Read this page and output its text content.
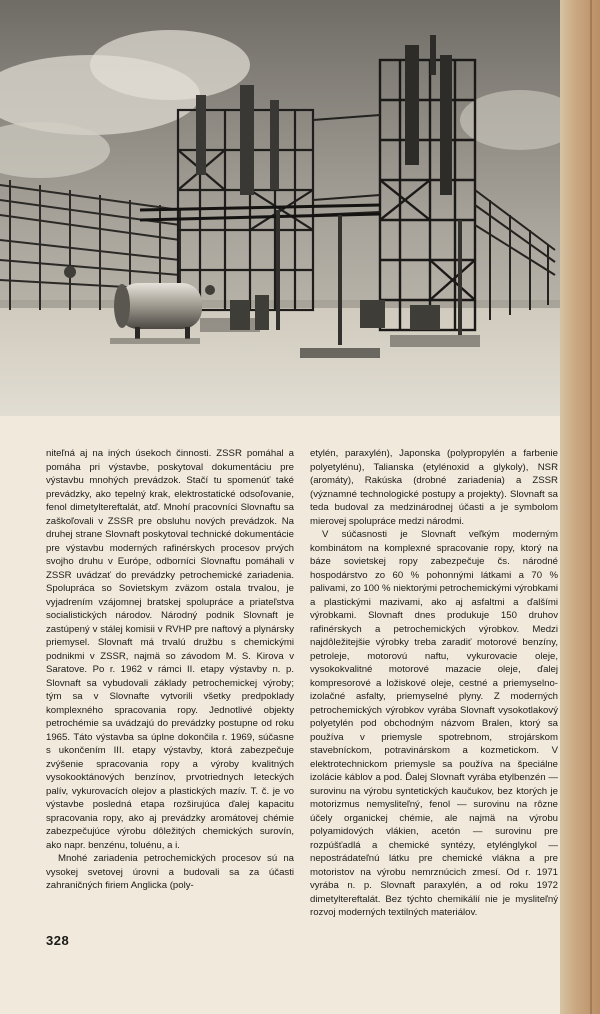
niteľná aj na iných úsekoch činnosti. ZSSR pomáhal a pomáha pri výstavbe, poskytoval dokumentáciu pre výstavbu mnohých prevádzok. Stačí tu spomenúť také prevádzky, ako tepelný krak, elektrostatické odsoľovanie, fenol dimetyltereftalát, atď. Mnohí pracovníci Slovnaftu sa zaškoľovali v ZSSR pre obsluhu nových prevádzok. Na druhej strane Slovnaft poskytoval technické dokumentácie pre výstavbu moderných rafinérskych procesov prvých svojho druhu v Európe, odborníci Slovnaftu pomáhali v ZSSR uvádzať do prevádzky petrochemické zariadenia. Spolupráca so Sovietskym zväzom ostala trvalou, je vyjadrením vzájomnej bratskej spolupráce a priateľstva socialistických národov. Národný podnik Slovnaft je zastúpený v stálej komisii v RVHP pre naftový a plynársky priemysel. Slovnaft má trvalú družbu s chemickými podnikmi v ZSSR, najmä so závodom M. S. Kirova v Saratove. Po r. 1962 v rámci II. etapy výstavby n. p. Slovnaft sa vybudovali základy petrochemickej výroby; tým sa v Slovnafte vytvorili všetky predpoklady komplexného spracovania ropy. Jednotlivé objekty petrochémie sa uvádzajú do prevádzky postupne od roku 1965. Táto výstavba sa úplne dokončila r. 1969, súčasne s ukončením III. etapy výstavby, ktorá zabezpečuje zvýšenie spracovania ropy a výroby kvalitných vysokooktánových benzínov, prvotriednych leteckých palív, vykurovacích olejov a plastických mazív. T. č. je vo výstavbe posledná etapa rozširujúca ďalej kapacitu spracovania ropy, ako aj prevádzky aromátovej chémie zabezpečujúce výrobu dôležitých chemických surovín, ako napr. benzénu, toluénu, a i.

Mnohé zariadenia petrochemických procesov sú na vysokej svetovej úrovni a budovali sa za účasti zahraničných firiem Anglicka (poly-

etylén, paraxylén), Japonska (polypropylén a farbenie polyetylénu), Talianska (etylénoxid a glykoly), NSR (aromáty), Rakúska (drobné zariadenia) a ZSSR (významné technologické postupy a projekty). Slovnaft sa teda budoval za medzinárodnej účasti a je symbolom mierovej spolupráce medzi národmi.

V súčasnosti je Slovnaft veľkým moderným kombinátom na komplexné spracovanie ropy, ktorý na báze sovietskej ropy zabezpečuje čs. národné hospodárstvo zo 60 % pohonnými látkami a 70 % palivami, zo 100 % niektorými petrochemickými výrobkami a plastickými mazivami, ako aj asfaltmi a ďalšími výrobkami. Slovnaft dnes produkuje 150 druhov rafinérskych a petrochemických výrobkov. Medzi najdôležitejšie výrobky treba zaradiť motorové benzíny, petroleje, motorovú naftu, vykurovacie oleje, vysokokvalitné motorové mazacie oleje, ďalej kompresorové a ložiskové oleje, cestné a priemyselno-izolačné asfalty, priemyselné plyny. Z moderných petrochemických výrobkov vyrába Slovnaft vysokotlakový polyetylén pod obchodným názvom Bralen, ktorý sa používa v priemysle spotrebnom, strojárskom stavebníckom, potravinárskom a kozmetickom. V elektrotechnickom priemysle sa používa na špeciálne izolácie káblov a pod. Ďalej Slovnaft vyrába etylbenzén — surovinu na výrobu syntetických kaučukov, bez ktorých je motorizmus nemysliteľný, fenol — surovinu na rôzne účely organickej chémie, ale najmä na výrobu polyamidových vlákien, acetón — surovinu pre rozpúšťadlá a chemické syntézy, etylénglykol — nepostrádateľnú látku pre chemické vlákna a pre motoristov na výrobu nemrznúcich zmesí. Od r. 1971 vyrába n. p. Slovnaft paraxylén, a od roku 1972 dimetyltereftalát. Bez týchto chemikálií nie je mysliteľný rozvoj moderných textilných materiálov.

328
